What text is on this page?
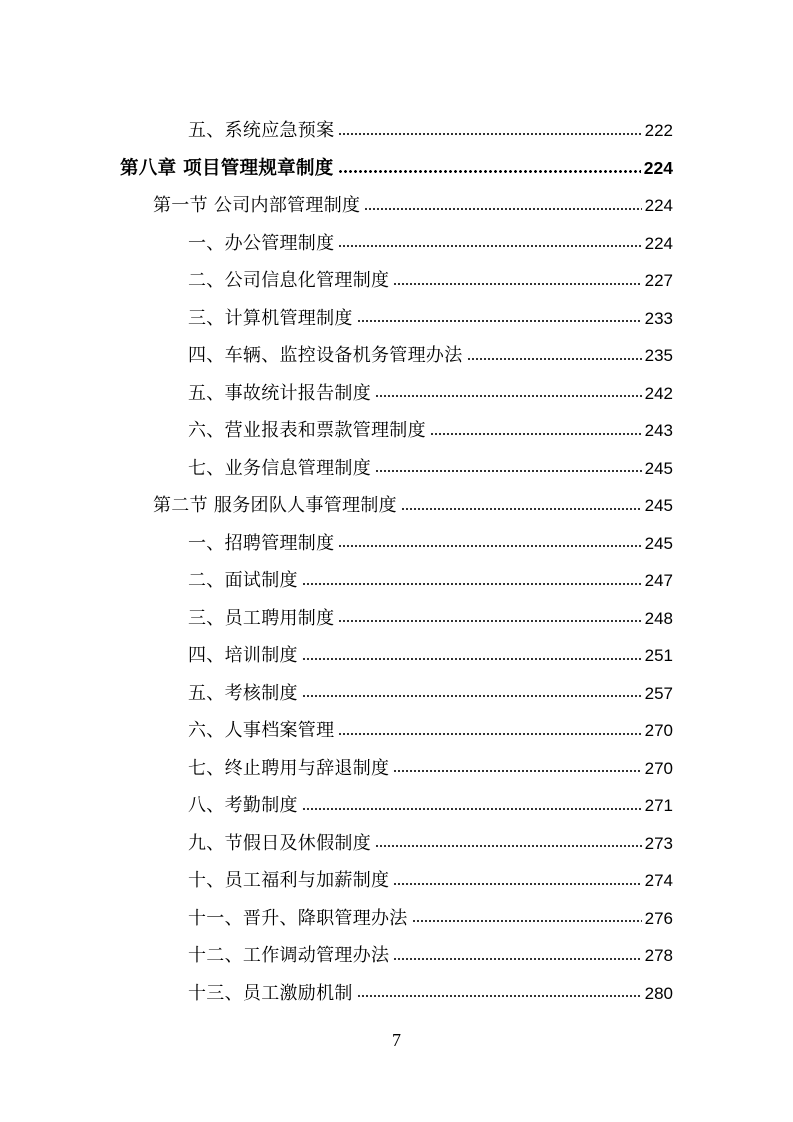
五、系统应急预案	222
第八章 项目管理规章制度	224
第一节 公司内部管理制度	224
一、办公管理制度	224
二、公司信息化管理制度	227
三、计算机管理制度	233
四、车辆、监控设备机务管理办法	235
五、事故统计报告制度	242
六、营业报表和票款管理制度	243
七、业务信息管理制度	245
第二节 服务团队人事管理制度	245
一、招聘管理制度	245
二、面试制度	247
三、员工聘用制度	248
四、培训制度	251
五、考核制度	257
六、人事档案管理	270
七、终止聘用与辞退制度	270
八、考勤制度	271
九、节假日及休假制度	273
十、员工福利与加薪制度	274
十一、晋升、降职管理办法	276
十二、工作调动管理办法	278
十三、员工激励机制	280
7
